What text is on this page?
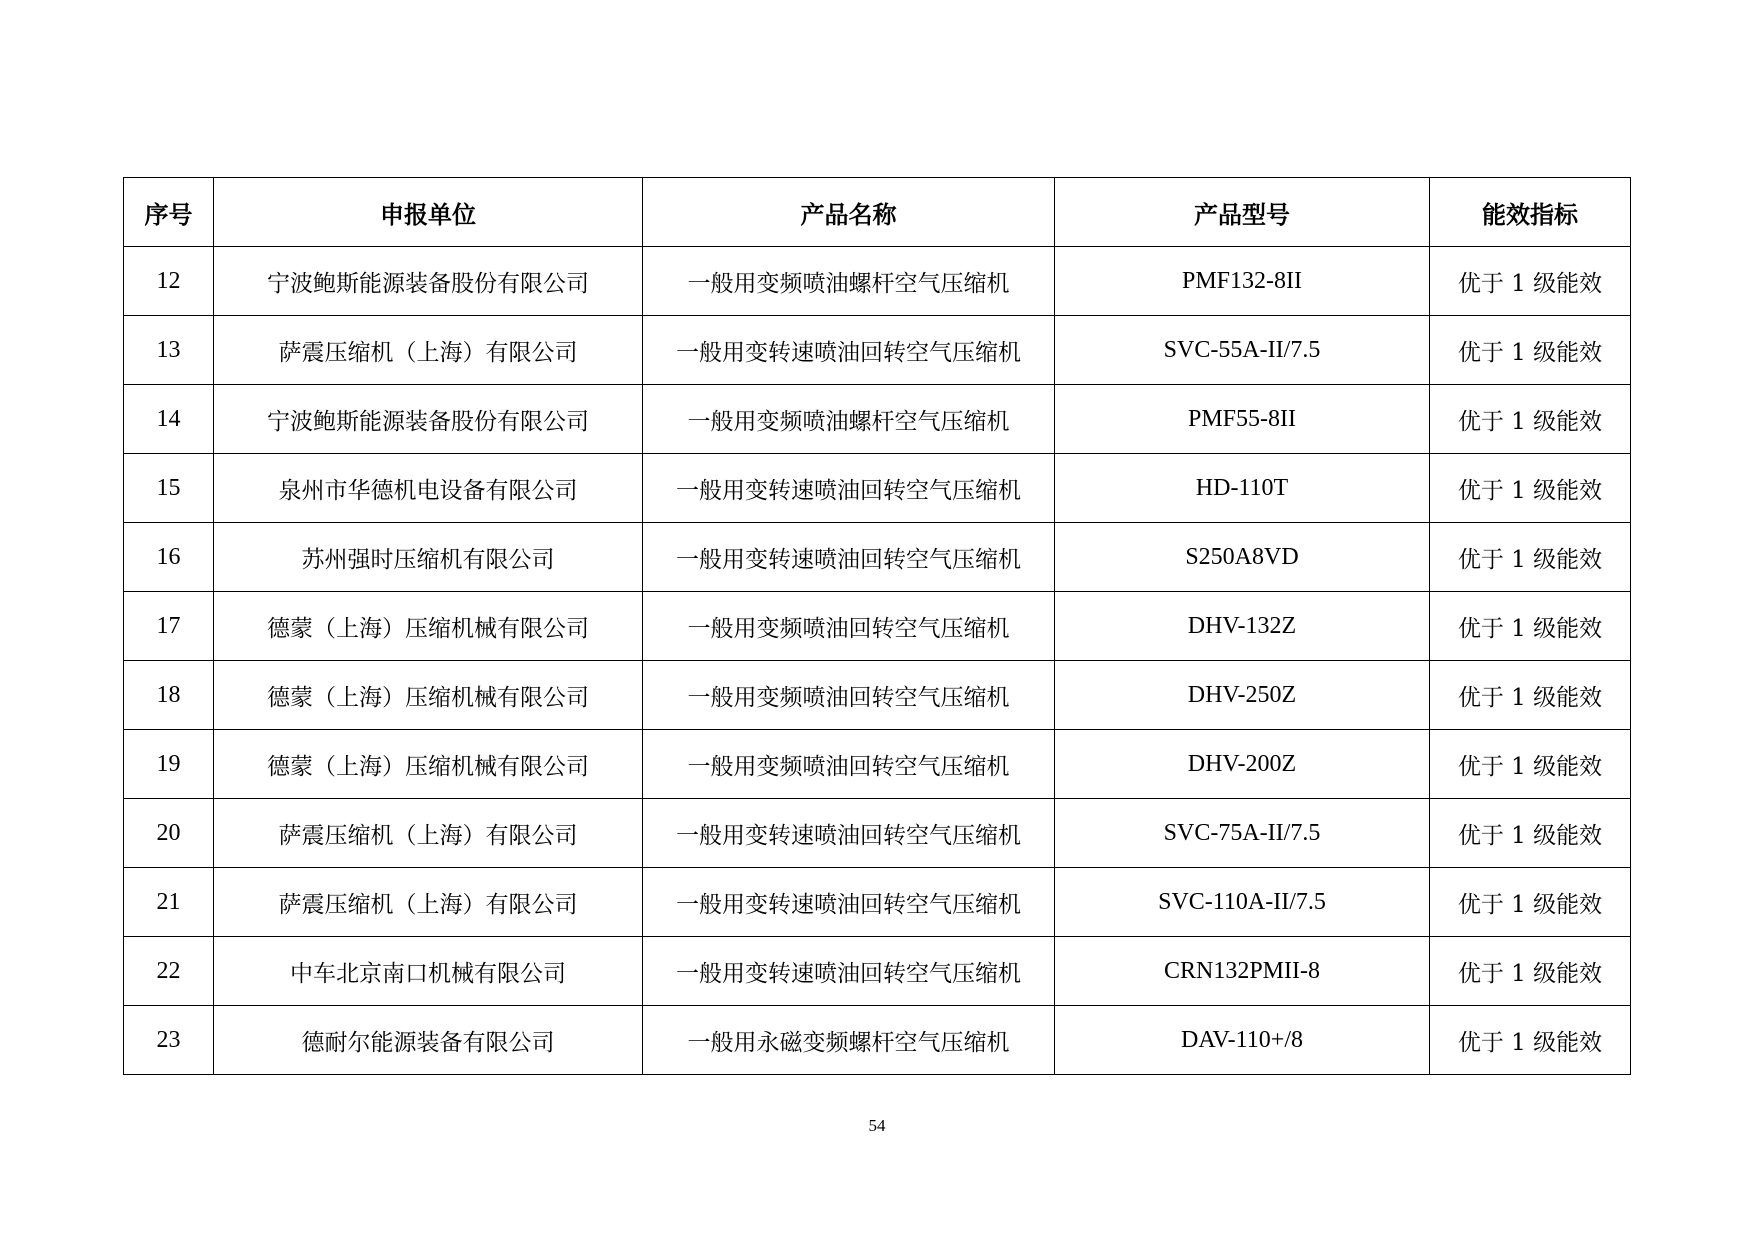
序号	申报单位	产品名称	产品型号	能效指标
12	宁波鲍斯能源装备股份有限公司	一般用变频喷油螺杆空气压缩机	PMF132-8II	优于 1 级能效
13	萨震压缩机（上海）有限公司	一般用变转速喷油回转空气压缩机	SVC-55A-II/7.5	优于 1 级能效
14	宁波鲍斯能源装备股份有限公司	一般用变频喷油螺杆空气压缩机	PMF55-8II	优于 1 级能效
15	泉州市华德机电设备有限公司	一般用变转速喷油回转空气压缩机	HD-110T	优于 1 级能效
16	苏州强时压缩机有限公司	一般用变转速喷油回转空气压缩机	S250A8VD	优于 1 级能效
17	德蒙（上海）压缩机械有限公司	一般用变频喷油回转空气压缩机	DHV-132Z	优于 1 级能效
18	德蒙（上海）压缩机械有限公司	一般用变频喷油回转空气压缩机	DHV-250Z	优于 1 级能效
19	德蒙（上海）压缩机械有限公司	一般用变频喷油回转空气压缩机	DHV-200Z	优于 1 级能效
20	萨震压缩机（上海）有限公司	一般用变转速喷油回转空气压缩机	SVC-75A-II/7.5	优于 1 级能效
21	萨震压缩机（上海）有限公司	一般用变转速喷油回转空气压缩机	SVC-110A-II/7.5	优于 1 级能效
22	中车北京南口机械有限公司	一般用变转速喷油回转空气压缩机	CRN132PMII-8	优于 1 级能效
23	德耐尔能源装备有限公司	一般用永磁变频螺杆空气压缩机	DAV-110+/8	优于 1 级能效
54
